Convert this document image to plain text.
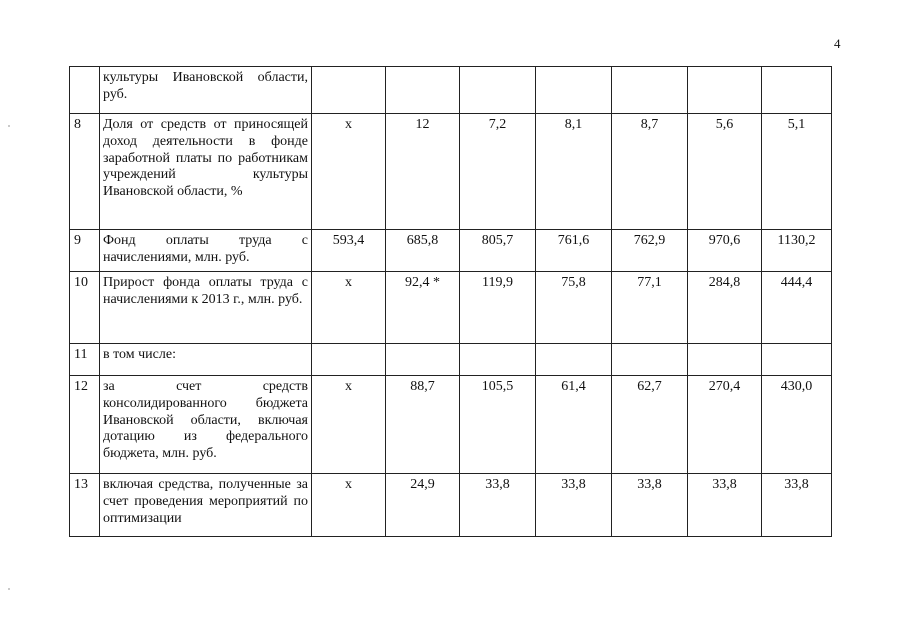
4
	культуры Ивановской области, руб.							
8	Доля от средств от приносящей доход деятельности в фонде заработной платы по работникам учреждений культуры Ивановской области, %	х	12	7,2	8,1	8,7	5,6	5,1
9	Фонд оплаты труда с начислениями, млн. руб.	593,4	685,8	805,7	761,6	762,9	970,6	1130,2
10	Прирост фонда оплаты труда с начислениями к 2013 г., млн. руб.	х	92,4 *	119,9	75,8	77,1	284,8	444,4
11	в том числе:							
12	за счет средств консолидированного бюджета Ивановской области, включая дотацию из федерального бюджета, млн. руб.	х	88,7	105,5	61,4	62,7	270,4	430,0
13	включая средства, полученные за счет проведения мероприятий по оптимизации	х	24,9	33,8	33,8	33,8	33,8	33,8
